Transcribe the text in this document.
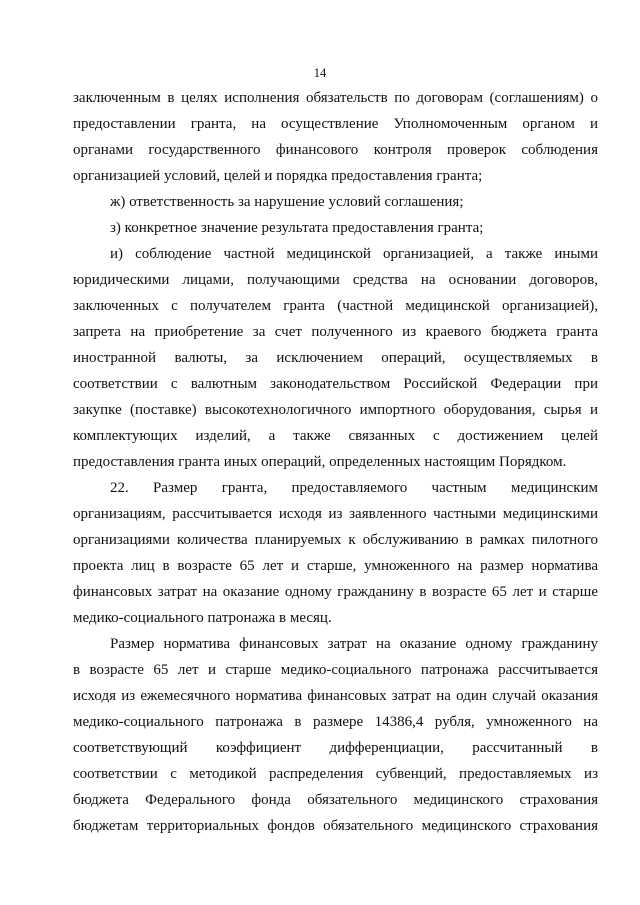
14
заключенным в целях исполнения обязательств по договорам (соглашениям) о
предоставлении гранта, на осуществление Уполномоченным органом и
органами государственного финансового контроля проверок соблюдения
организацией условий, целей и порядка предоставления гранта;
ж) ответственность за нарушение условий соглашения;
з) конкретное значение результата предоставления гранта;
и) соблюдение частной медицинской организацией, а также иными
юридическими лицами, получающими средства на основании договоров,
заключенных с получателем гранта (частной медицинской организацией),
запрета на приобретение за счет полученного из краевого бюджета гранта
иностранной валюты, за исключением операций, осуществляемых в
соответствии с валютным законодательством Российской Федерации при
закупке (поставке) высокотехнологичного импортного оборудования, сырья и
комплектующих изделий, а также связанных с достижением целей
предоставления гранта иных операций, определенных настоящим Порядком.
22. Размер гранта, предоставляемого частным медицинским
организациям, рассчитывается исходя из заявленного частными медицинскими
организациями количества планируемых к обслуживанию в рамках пилотного
проекта лиц в возрасте 65 лет и старше, умноженного на размер норматива
финансовых затрат на оказание одному гражданину в возрасте 65 лет и старше
медико-социального патронажа в месяц.
Размер норматива финансовых затрат на оказание одному гражданину
в возрасте 65 лет и старше медико-социального патронажа рассчитывается
исходя из ежемесячного норматива финансовых затрат на один случай оказания
медико-социального патронажа в размере 14386,4 рубля, умноженного на
соответствующий коэффициент дифференциации, рассчитанный в
соответствии с методикой распределения субвенций, предоставляемых из
бюджета Федерального фонда обязательного медицинского страхования
бюджетам территориальных фондов обязательного медицинского страхования
